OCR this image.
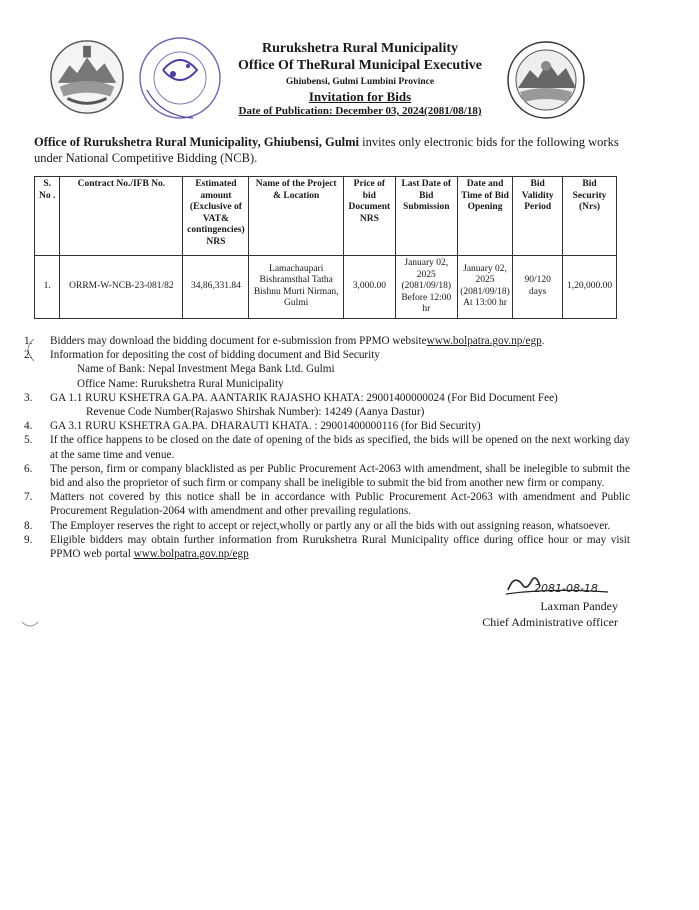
Rurukshetra Rural Municipality
Office Of TheRural Municipal Executive
Ghiubensi, Gulmi Lumbini Province
Invitation for Bids
Date of Publication: December 03, 2024(2081/08/18)
Office of Rurukshetra Rural Municipality, Ghiubensi, Gulmi invites only electronic bids for the following works under National Competitive Bidding (NCB).
S. No .	Contract No./IFB No.	Estimated amount (Exclusive of VAT& contingencies) NRS	Name of the Project & Location	Price of bid Document NRS	Last Date of Bid Submission	Date and Time of Bid Opening	Bid Validity Period	Bid Security (Nrs)
1.	ORRM-W-NCB-23-081/82	34,86,331.84	Lamachaupari Bishramsthal Tatha Bishnu Murti Nirman, Gulmi	3,000.00	January 02, 2025 (2081/09/18) Before 12:00 hr	January 02, 2025 (2081/09/18) At 13:00 hr	90/120 days	1,20,000.00
1.	Bidders may download the bidding document for e-submission from PPMO websitewww.bolpatra.gov.np/egp.
2.	Information for depositing the cost of bidding document and Bid Security
Name of Bank: Nepal Investment Mega Bank Ltd. Gulmi
Office Name: Rurukshetra Rural Municipality
3.	GA 1.1 RURU KSHETRA GA.PA. AANTARIK RAJASHO KHATA: 29001400000024 (For Bid Document Fee)
Revenue Code Number(Rajaswo Shirshak Number): 14249 (Aanya Dastur)
4.	GA 3.1 RURU KSHETRA GA.PA. DHARAUTI KHATA. : 29001400000116 (for Bid Security)
5.	If the office happens to be closed on the date of opening of the bids as specified, the bids will be opened on the next working day at the same time and venue.
6.	The person, firm or company blacklisted as per Public Procurement Act-2063 with amendment, shall be inelegible to submit the bid and also the proprietor of such firm or company shall be ineligible to submit the bid from another new firm or company.
7.	Matters not covered by this notice shall be in accordance with Public Procurement Act-2063 with amendment and Public Procurement Regulation-2064 with amendment and other prevailing regulations.
8.	The Employer reserves the right to accept or reject,wholly or partly any or all the bids with out assigning reason, whatsoever.
9.	Eligible bidders may obtain further information from Rurukshetra Rural Municipality office during office hour or may visit PPMO web portal www.bolpatra.gov.np/egp
2081-08-18
Laxman Pandey
Chief Administrative officer
